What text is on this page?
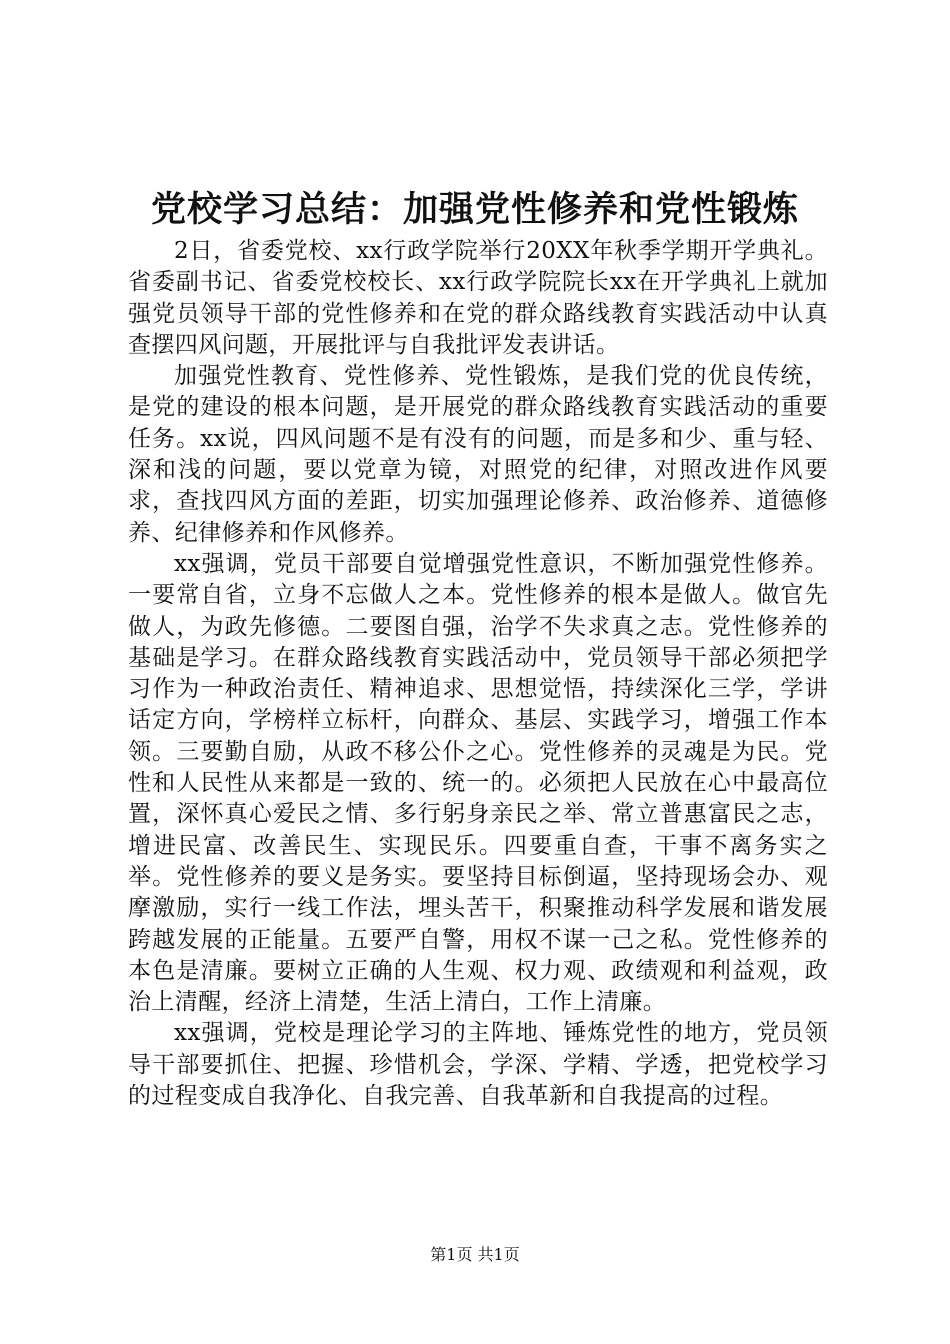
党校学习总结：加强党性修养和党性锻炼

2日，省委党校、xx行政学院举行20XX年秋季学期开学典礼。省委副书记、省委党校校长、xx行政学院院长xx在开学典礼上就加强党员领导干部的党性修养和在党的群众路线教育实践活动中认真查摆四风问题，开展批评与自我批评发表讲话。

加强党性教育、党性修养、党性锻炼，是我们党的优良传统，是党的建设的根本问题，是开展党的群众路线教育实践活动的重要任务。xx说，四风问题不是有没有的问题，而是多和少、重与轻、深和浅的问题，要以党章为镜，对照党的纪律，对照改进作风要求，查找四风方面的差距，切实加强理论修养、政治修养、道德修养、纪律修养和作风修养。

xx强调，党员干部要自觉增强党性意识，不断加强党性修养。一要常自省，立身不忘做人之本。党性修养的根本是做人。做官先做人，为政先修德。二要图自强，治学不失求真之志。党性修养的基础是学习。在群众路线教育实践活动中，党员领导干部必须把学习作为一种政治责任、精神追求、思想觉悟，持续深化三学，学讲话定方向，学榜样立标杆，向群众、基层、实践学习，增强工作本领。三要勤自励，从政不移公仆之心。党性修养的灵魂是为民。党性和人民性从来都是一致的、统一的。必须把人民放在心中最高位置，深怀真心爱民之情、多行躬身亲民之举、常立普惠富民之志，增进民富、改善民生、实现民乐。四要重自查，干事不离务实之举。党性修养的要义是务实。要坚持目标倒逼，坚持现场会办、观摩激励，实行一线工作法，埋头苦干，积聚推动科学发展和谐发展跨越发展的正能量。五要严自警，用权不谋一己之私。党性修养的本色是清廉。要树立正确的人生观、权力观、政绩观和利益观，政治上清醒，经济上清楚，生活上清白，工作上清廉。

xx强调，党校是理论学习的主阵地、锤炼党性的地方，党员领导干部要抓住、把握、珍惜机会，学深、学精、学透，把党校学习的过程变成自我净化、自我完善、自我革新和自我提高的过程。

第1页 共1页
